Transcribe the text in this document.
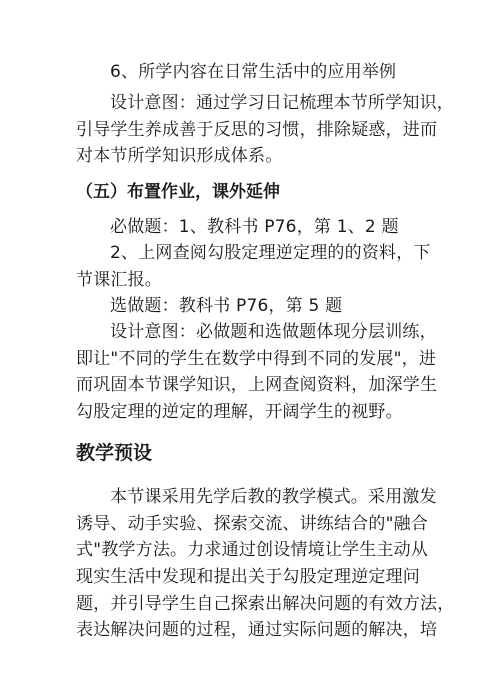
6、所学内容在日常生活中的应用举例
设计意图：通过学习日记梳理本节所学知识，
引导学生养成善于反思的习惯，排除疑惑，进而
对本节所学知识形成体系。
（五）布置作业，课外延伸
必做题：1、教科书 P76，第 1、2 题
2、上网查阅勾股定理逆定理的的资料，下
节课汇报。
选做题：教科书 P76，第 5 题
设计意图：必做题和选做题体现分层训练，
即让"不同的学生在数学中得到不同的发展"，进
而巩固本节课学知识，上网查阅资料，加深学生
勾股定理的逆定的理解，开阔学生的视野。
教学预设
本节课采用先学后教的教学模式。采用激发
诱导、动手实验、探索交流、讲练结合的"融合
式"教学方法。力求通过创设情境让学生主动从
现实生活中发现和提出关于勾股定理逆定理问
题，并引导学生自己探索出解决问题的有效方法，
表达解决问题的过程，通过实际问题的解决，培
